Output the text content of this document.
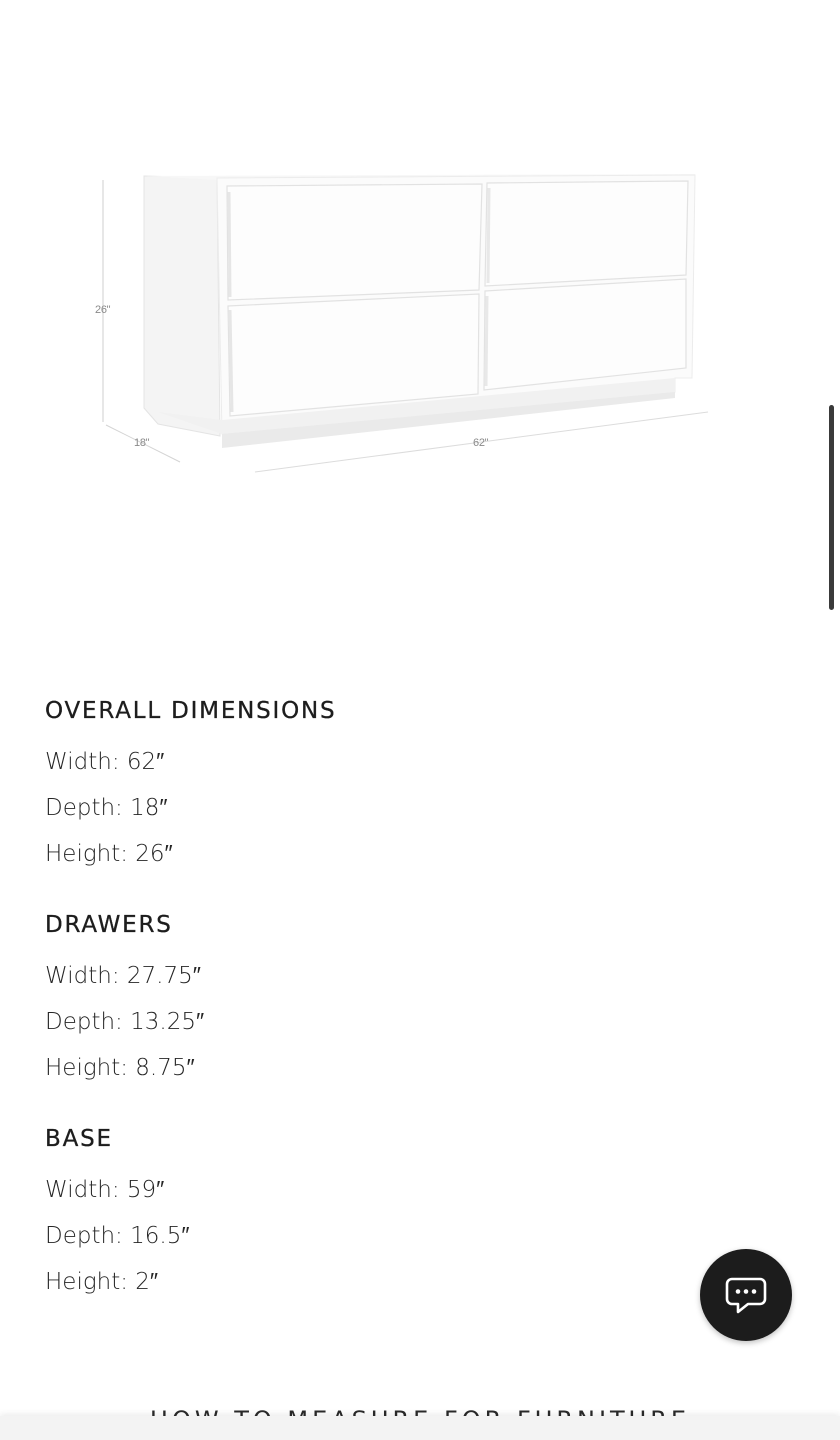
26"
18"	62"
OVERALL DIMENSIONS

Width: 62″

Depth: 18″

Height: 26″

DRAWERS

Width: 27.75″

Depth: 13.25″

Height: 8.75″

BASE

Width: 59″

Depth: 16.5″

Height: 2″
